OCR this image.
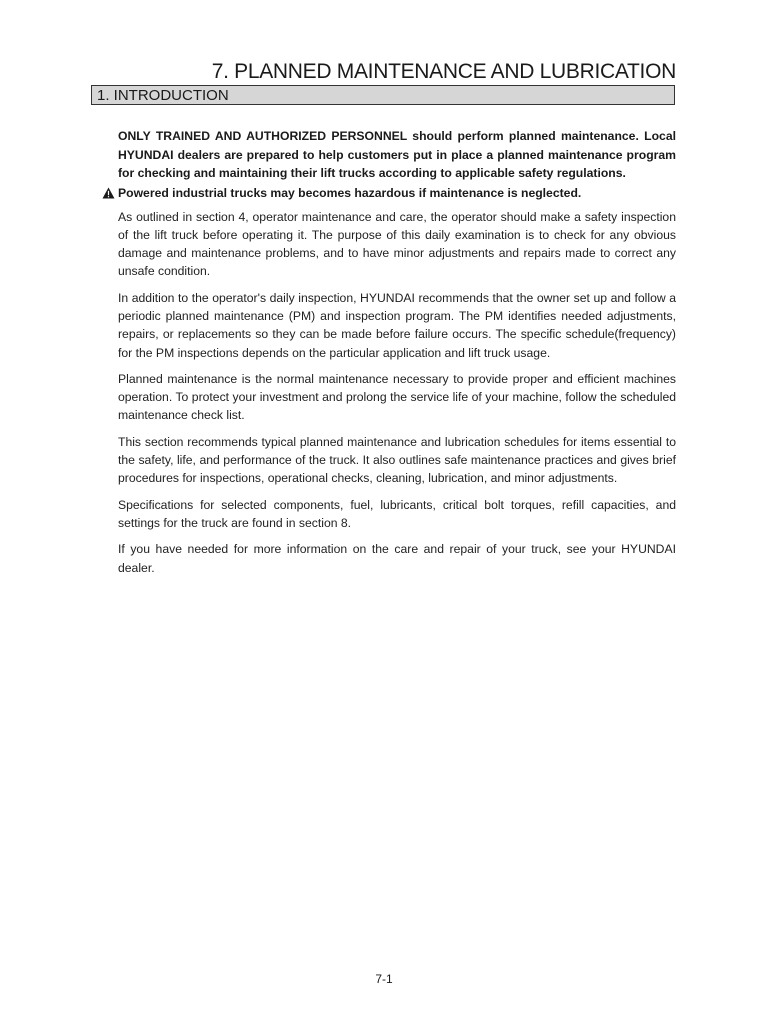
7. PLANNED MAINTENANCE AND LUBRICATION
1. INTRODUCTION

ONLY TRAINED AND AUTHORIZED PERSONNEL should perform planned maintenance. Local HYUNDAI dealers are prepared to help customers put in place a planned maintenance program for checking and maintaining their lift trucks according to applicable safety regulations.

Powered industrial trucks may becomes hazardous if maintenance is neglected.

As outlined in section 4, operator maintenance and care, the operator should make a safety inspection of the lift truck before operating it. The purpose of this daily examination is to check for any obvious damage and maintenance problems, and to have minor adjustments and repairs made to correct any unsafe condition.

In addition to the operator's daily inspection, HYUNDAI recommends that the owner set up and follow a periodic planned maintenance (PM) and inspection program. The PM identifies needed adjustments, repairs, or replacements so they can be made before failure occurs. The specific schedule(frequency) for the PM inspections depends on the particular application and lift truck usage.

Planned maintenance is the normal maintenance necessary to provide proper and efficient machines operation. To protect your investment and prolong the service life of your machine, follow the scheduled maintenance check list.

This section recommends typical planned maintenance and lubrication schedules for items essential to the safety, life, and performance of the truck. It also outlines safe maintenance practices and gives brief procedures for inspections, operational checks, cleaning, lubrication, and minor adjustments.

Specifications for selected components, fuel, lubricants, critical bolt torques, refill capacities, and settings for the truck are found in section 8.

If you have needed for more information on the care and repair of your truck, see your HYUNDAI dealer.

7-1
